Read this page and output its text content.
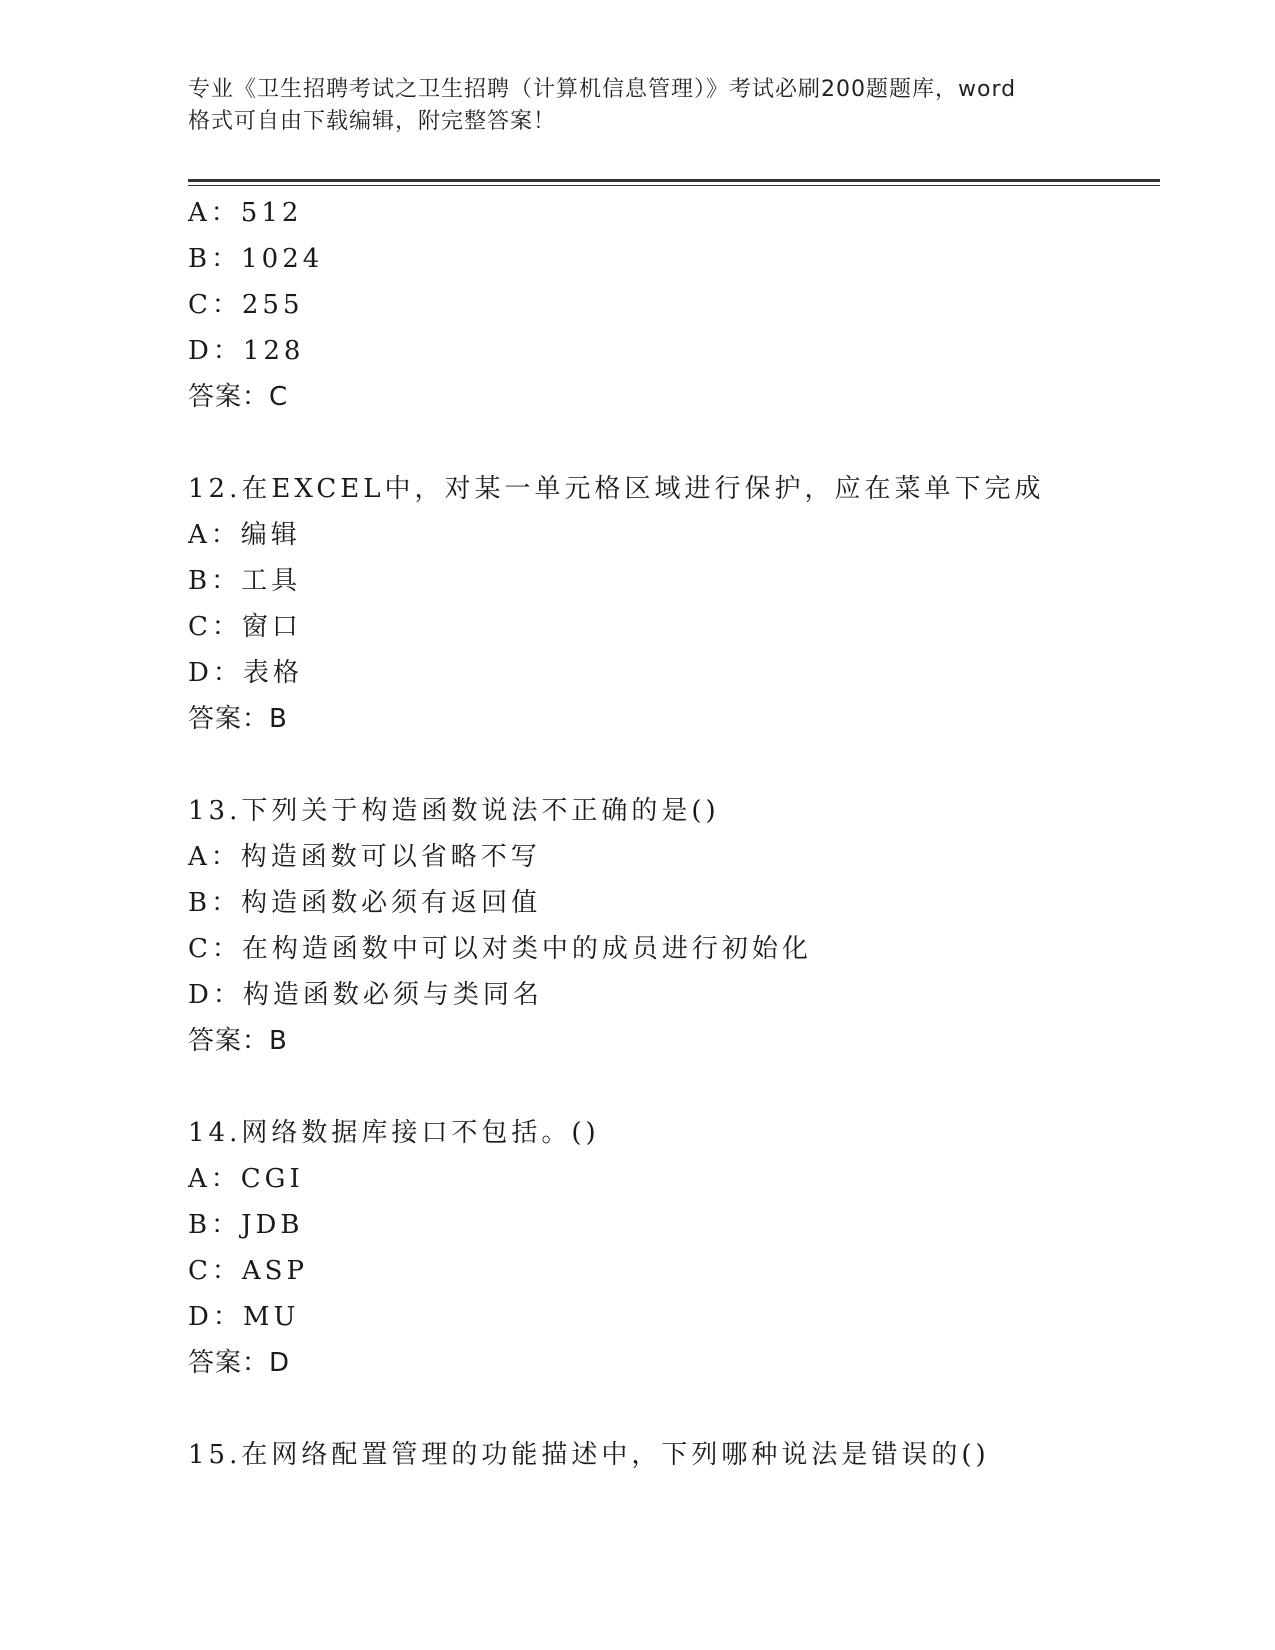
专业《卫生招聘考试之卫生招聘（计算机信息管理）》考试必刷200题题库，word
格式可自由下载编辑，附完整答案！
A：512
B：1024
C：255
D：128
答案：C
12.在EXCEL中，对某一单元格区域进行保护，应在菜单下完成
A：编辑
B：工具
C：窗口
D：表格
答案：B
13.下列关于构造函数说法不正确的是()
A：构造函数可以省略不写
B：构造函数必须有返回值
C：在构造函数中可以对类中的成员进行初始化
D：构造函数必须与类同名
答案：B
14.网络数据库接口不包括。()
A：CGI
B：JDB
C：ASP
D：MU
答案：D
15.在网络配置管理的功能描述中，下列哪种说法是错误的()
